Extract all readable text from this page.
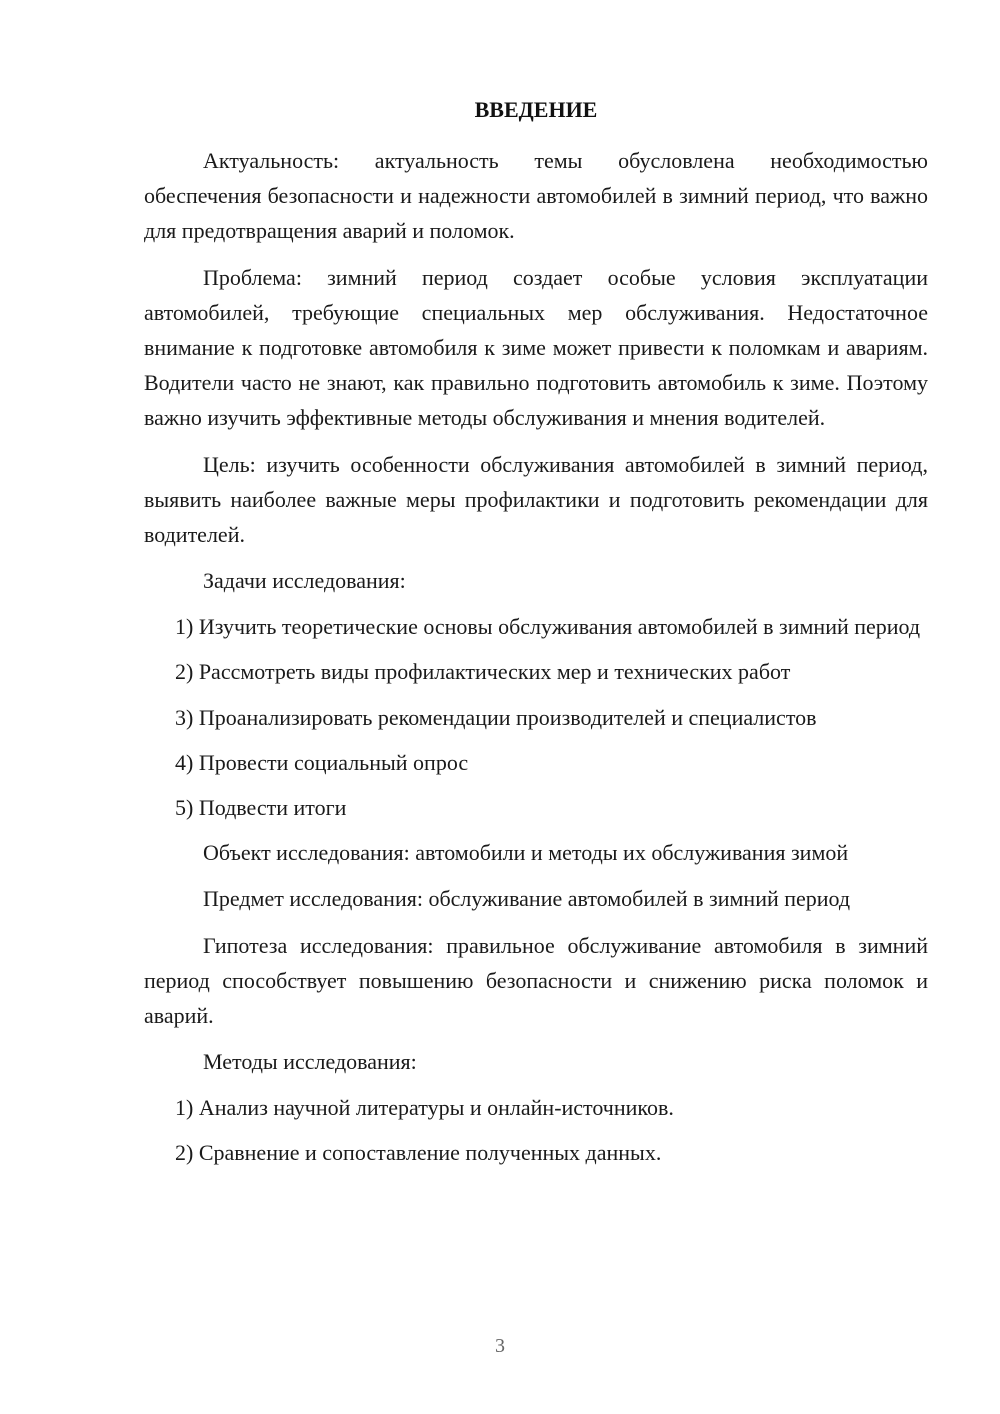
ВВЕДЕНИЕ

Актуальность: актуальность темы обусловлена необходимостью обеспечения безопасности и надежности автомобилей в зимний период, что важно для предотвращения аварий и поломок.

Проблема: зимний период создает особые условия эксплуатации автомобилей, требующие специальных мер обслуживания. Недостаточное внимание к подготовке автомобиля к зиме может привести к поломкам и авариям. Водители часто не знают, как правильно подготовить автомобиль к зиме. Поэтому важно изучить эффективные методы обслуживания и мнения водителей.

Цель: изучить особенности обслуживания автомобилей в зимний период, выявить наиболее важные меры профилактики и подготовить рекомендации для водителей.

Задачи исследования:

1) Изучить теоретические основы обслуживания автомобилей в зимний период

2) Рассмотреть виды профилактических мер и технических работ

3) Проанализировать рекомендации производителей и специалистов

4) Провести социальный опрос

5) Подвести итоги

Объект исследования: автомобили и методы их обслуживания зимой

Предмет исследования: обслуживание автомобилей в зимний период

Гипотеза исследования: правильное обслуживание автомобиля в зимний период способствует повышению безопасности и снижению риска поломок и аварий.

Методы исследования:

1) Анализ научной литературы и онлайн-источников.

2) Сравнение и сопоставление полученных данных.

3
